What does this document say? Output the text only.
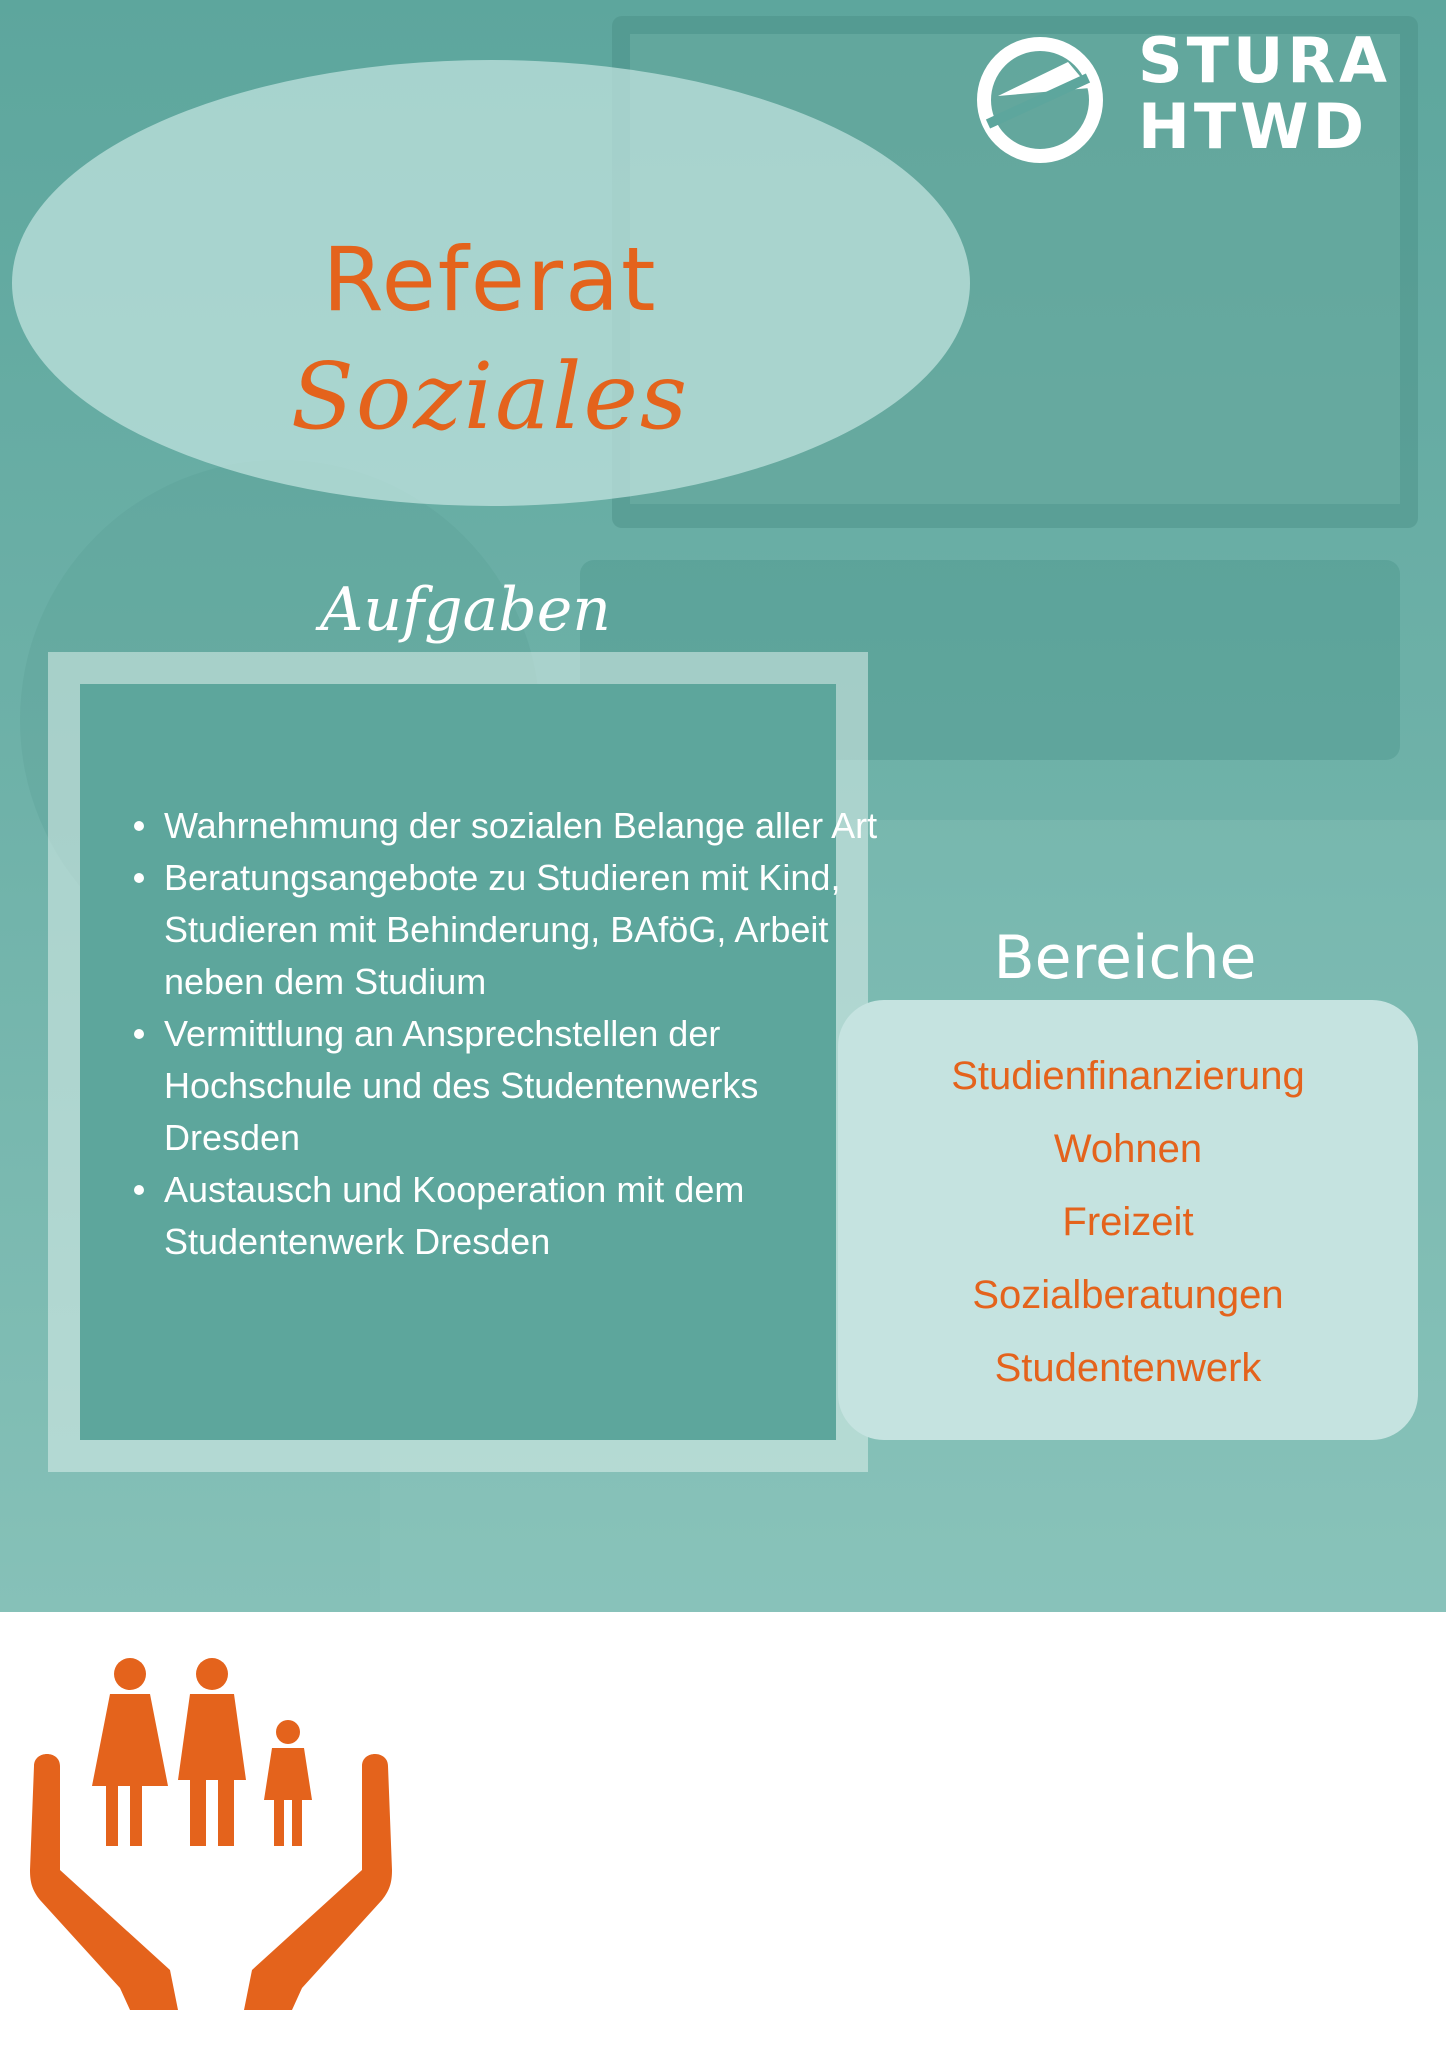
STURA
HTWD
Referat
Soziales
Aufgaben
Wahrnehmung der sozialen Belange aller Art
Beratungsangebote zu Studieren mit Kind, Studieren mit Behinderung, BAföG, Arbeit neben dem Studium
Vermittlung an Ansprechstellen der Hochschule und des Studentenwerks Dresden
Austausch und Kooperation mit dem Studentenwerk Dresden
Bereiche
Studienfinanzierung
Wohnen
Freizeit
Sozialberatungen
Studentenwerk
